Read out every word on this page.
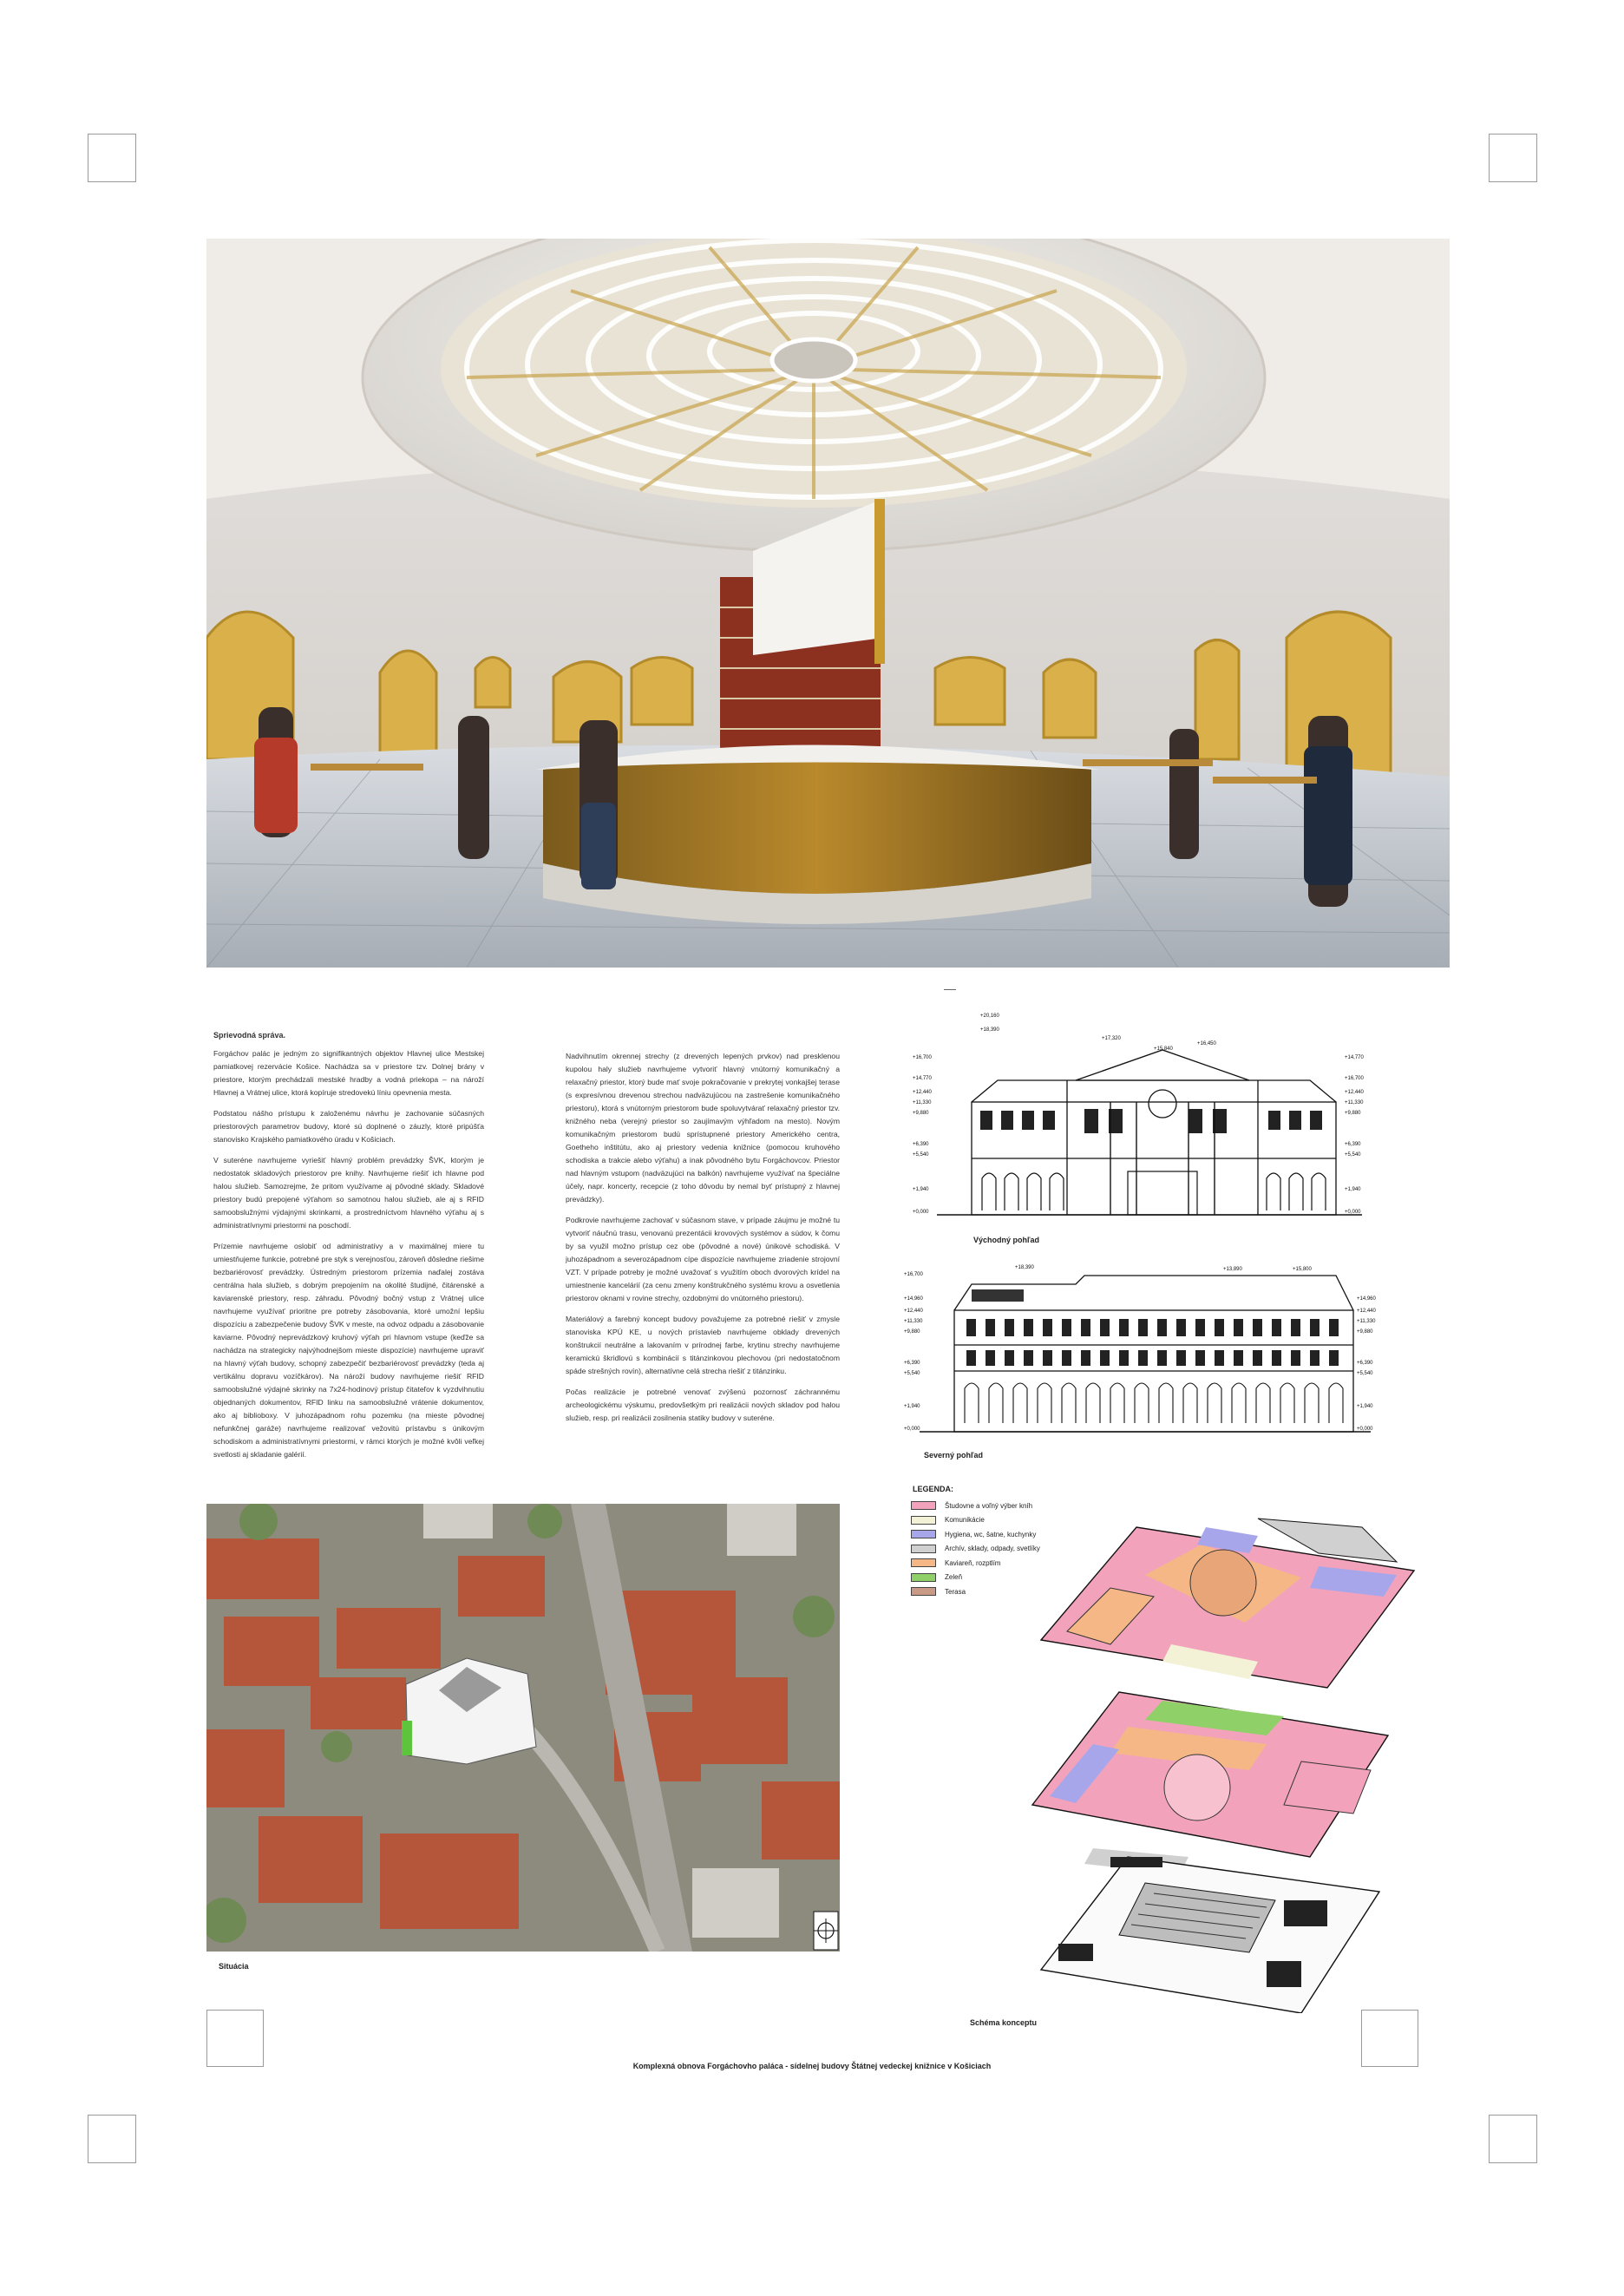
Sprievodná správa.

Forgáchov palác je jedným zo signifikantných objektov Hlavnej ulice Mestskej pamiatkovej rezervácie Košice. Nachádza sa v priestore tzv. Dolnej brány v priestore, ktorým prechádzali mestské hradby a vodná priekopa – na nároží Hlavnej a Vrátnej ulice, ktorá kopíruje stredovekú líniu opevnenia mesta.

Podstatou nášho prístupu k založenému návrhu je zachovanie súčasných priestorových parametrov budovy, ktoré sú doplnené o záuzly, ktoré pripúšťa stanovisko Krajského pamiatkového úradu v Košiciach.

V suteréne navrhujeme vyriešiť hlavný problém prevádzky ŠVK, ktorým je nedostatok skladových priestorov pre knihy. Navrhujeme riešiť ich hlavne pod halou služieb. Samozrejme, že pritom využívame aj pôvodné sklady. Skladové priestory budú prepojené výťahom so samotnou halou služieb, ale aj s RFID samoobslužnými výdajnými skrinkami, a prostredníctvom hlavného výťahu aj s administratívnymi priestormi na poschodí.

Prízemie navrhujeme oslobiť od administratívy a v maximálnej miere tu umiestňujeme funkcie, potrebné pre styk s verejnosťou, zároveň dôsledne riešime bezbariérovosť prevádzky. Ústredným priestorom prízemia naďalej zostáva centrálna hala služieb, s dobrým prepojením na okolité študijné, čitárenské a kaviarenské priestory, resp. záhradu. Pôvodný bočný vstup z Vrátnej ulice navrhujeme využívať prioritne pre potreby zásobovania, ktoré umožní lepšiu dispozíciu a zabezpečenie budovy ŠVK v meste, na odvoz odpadu a zásobovanie kaviarne. Pôvodný neprevádzkový kruhový výťah pri hlavnom vstupe (keďže sa nachádza na strategicky najvýhodnejšom mieste dispozície) navrhujeme upraviť na hlavný výťah budovy, schopný zabezpečiť bezbariérovosť prevádzky (teda aj vertikálnu dopravu vozíčkárov). Na nároží budovy navrhujeme riešiť RFID samoobslužné výdajné skrinky na 7x24-hodinový prístup čitateľov k vyzdvihnutiu objednaných dokumentov, RFID linku na samoobslužné vrátenie dokumentov, ako aj biblioboxy. V juhozápadnom rohu pozemku (na mieste pôvodnej nefunkčnej garáže) navrhujeme realizovať vežovitú prístavbu s únikovým schodiskom a administratívnymi priestormi, v rámci ktorých je možné kvôli veľkej svetlosti aj skladanie galérií.

Nadvihnutím okrennej strechy (z drevených lepených prvkov) nad presklenou kupolou haly služieb navrhujeme vytvoriť hlavný vnútorný komunikačný a relaxačný priestor, ktorý bude mať svoje pokračovanie v prekrytej vonkajšej terase (s expresívnou drevenou strechou nadväzujúcou na zastrešenie komunikačného priestoru), ktorá s vnútorným priestorom bude spoluvytvárať relaxačný priestor tzv. knižného neba (verejný priestor so zaujímavým výhľadom na mesto). Novým komunikačným priestorom budú sprístupnené priestory Amerického centra, Goetheho inštitútu, ako aj priestory vedenia knižnice (pomocou kruhového schodiska a trakcie alebo výťahu) a inak pôvodného bytu Forgáchovcov. Priestor nad hlavným vstupom (nadväzujúci na balkón) navrhujeme využívať na špeciálne účely, napr. koncerty, recepcie (z toho dôvodu by nemal byť prístupný z hlavnej prevádzky).

Podkrovie navrhujeme zachovať v súčasnom stave, v prípade záujmu je možné tu vytvoriť náučnú trasu, venovanú prezentácii krovových systémov a súdov, k čomu by sa využil možno prístup cez obe (pôvodné a nové) únikové schodiská. V juhozápadnom a severozápadnom cípe dispozície navrhujeme zriadenie strojovní VZT. V prípade potreby je možné uvažovať s využitím oboch dvorových krídel na umiestnenie kancelárií (za cenu zmeny konštrukčného systému krovu a osvetlenia priestorov oknami v rovine strechy, ozdobnými do vnútorného priestoru).

Materiálový a farebný koncept budovy považujeme za potrebné riešiť v zmysle stanoviska KPÚ KE, u nových prístavieb navrhujeme obklady drevených konštrukcií neutrálne a lakovaním v prírodnej farbe, krytinu strechy navrhujeme keramickú škridlovú s kombinácií s titánzinkovou plechovou (pri nedostatočnom spáde strešných rovín), alternatívne celá strecha riešiť z titánzinku.

Počas realizácie je potrebné venovať zvýšenú pozornosť záchrannému archeologickému výskumu, predovšetkým pri realizácii nových skladov pod halou služieb, resp. pri realizácii zosilnenia statiky budovy v suteréne.

+20,160
+18,390
+17,320
+15,840
+16,450
+16,700
+14,770
+12,440
+11,330
+9,880
+6,390
+5,540
+1,940
+0,000
+14,770
+16,700
+12,440
+11,330
+9,880
+6,390
+5,540
+1,940
+0,000
Východný pohľad
+18,390	+13,890	+15,800
+16,700
+14,960
+12,440
+11,330
+9,880
+6,390
+5,540
+1,940
+0,000
+14,960
+12,440
+11,330
+9,880
+6,390
+5,540
+1,940
+0,000
Severný pohľad
Situácia
LEGENDA:
Študovne a voľný výber kníh
Komunikácie
Hygiena, wc, šatne, kuchynky
Archív, sklady, odpady, svetlíky
Kaviareň, rozptlím
Zeleň
Terasa
Schéma konceptu
Komplexná obnova Forgáchovho paláca - sídelnej budovy Štátnej vedeckej knižnice v Košiciach
